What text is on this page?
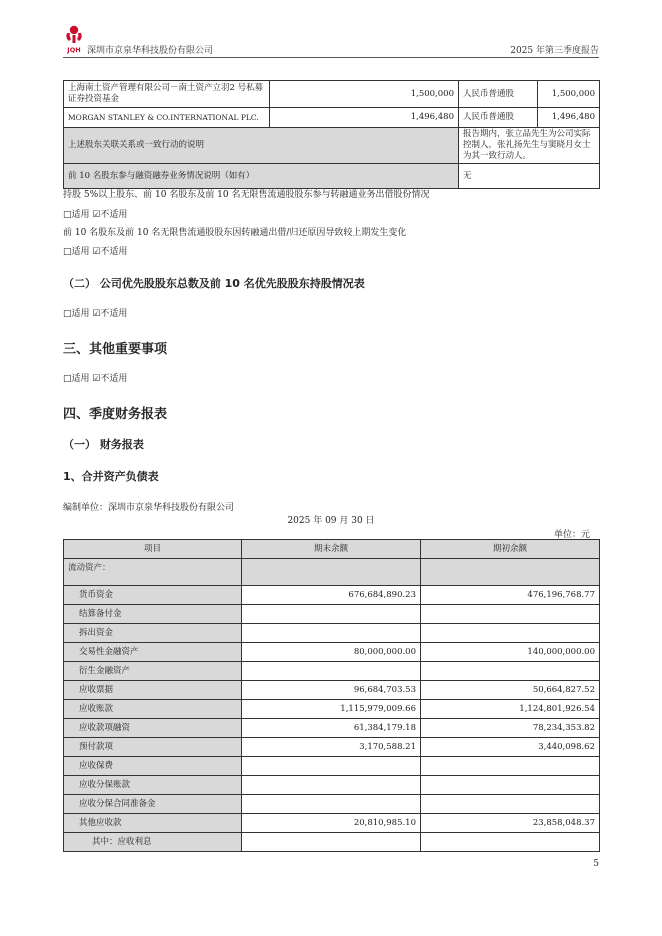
JQH 深圳市京泉华科技股份有限公司	2025 年第三季度报告
上海南土资产管理有限公司－南土资产立羽2 号私募证券投资基金	1,500,000	人民币普通股	1,500,000
MORGAN STANLEY & CO.INTERNATIONAL PLC.	1,496,480	人民币普通股	1,496,480
上述股东关联关系或一致行动的说明		报告期内，张立品先生为公司实际控制人，张礼扬先生与窦晓月女士为其一致行动人。	
前 10 名股东参与融资融券业务情况说明（如有）		无	
持股 5%以上股东、前 10 名股东及前 10 名无限售流通股股东参与转融通业务出借股份情况
□适用 ☑不适用
前 10 名股东及前 10 名无限售流通股股东因转融通出借/归还原因导致较上期发生变化
□适用 ☑不适用
（二） 公司优先股股东总数及前 10 名优先股股东持股情况表
□适用 ☑不适用
三、其他重要事项
□适用 ☑不适用
四、季度财务报表
（一） 财务报表
1、合并资产负债表
编制单位：深圳市京泉华科技股份有限公司
2025 年 09 月 30 日
单位：元
项目	期末余额	期初余额
流动资产：		
货币资金	676,684,890.23	476,196,768.77
结算备付金		
拆出资金		
交易性金融资产	80,000,000.00	140,000,000.00
衍生金融资产		
应收票据	96,684,703.53	50,664,827.52
应收账款	1,115,979,009.66	1,124,801,926.54
应收款项融资	61,384,179.18	78,234,353.82
预付款项	3,170,588.21	3,440,098.62
应收保费		
应收分保账款		
应收分保合同准备金		
其他应收款	20,810,985.10	23,858,048.37
其中：应收利息		
5
